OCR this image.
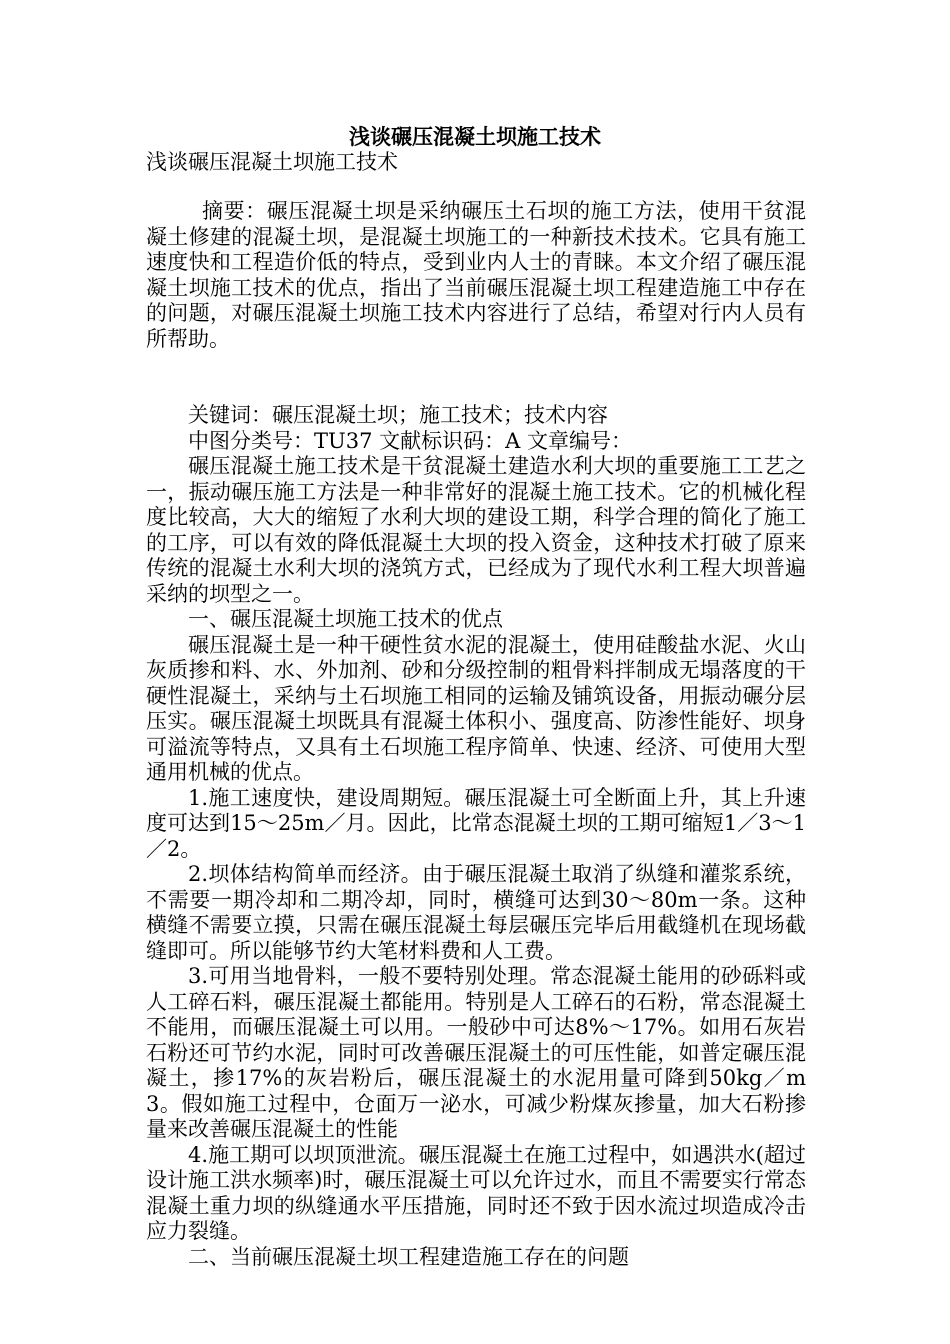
浅谈碾压混凝土坝施工技术

浅谈碾压混凝土坝施工技术

摘要：碾压混凝土坝是采纳碾压土石坝的施工方法，使用干贫混凝土修建的混凝土坝，是混凝土坝施工的一种新技术技术。它具有施工速度快和工程造价低的特点，受到业内人士的青睐。本文介绍了碾压混凝土坝施工技术的优点，指出了当前碾压混凝土坝工程建造施工中存在的问题，对碾压混凝土坝施工技术内容进行了总结，希望对行内人员有所帮助。

关键词：碾压混凝土坝；施工技术；技术内容

中图分类号：TU37 文献标识码：A 文章编号：

碾压混凝土施工技术是干贫混凝土建造水利大坝的重要施工工艺之一，振动碾压施工方法是一种非常好的混凝土施工技术。它的机械化程度比较高，大大的缩短了水利大坝的建设工期，科学合理的简化了施工的工序，可以有效的降低混凝土大坝的投入资金，这种技术打破了原来传统的混凝土水利大坝的浇筑方式，已经成为了现代水利工程大坝普遍采纳的坝型之一。

一、碾压混凝土坝施工技术的优点

碾压混凝土是一种干硬性贫水泥的混凝土，使用硅酸盐水泥、火山灰质掺和料、水、外加剂、砂和分级控制的粗骨料拌制成无塌落度的干硬性混凝土，采纳与土石坝施工相同的运输及铺筑设备，用振动碾分层压实。碾压混凝土坝既具有混凝土体积小、强度高、防渗性能好、坝身可溢流等特点，又具有土石坝施工程序简单、快速、经济、可使用大型通用机械的优点。

1.施工速度快，建设周期短。碾压混凝土可全断面上升，其上升速度可达到15～25m／月。因此，比常态混凝土坝的工期可缩短1／3～1／2。

2.坝体结构简单而经济。由于碾压混凝土取消了纵缝和灌浆系统，不需要一期冷却和二期冷却，同时，横缝可达到30～80m一条。这种横缝不需要立摸，只需在碾压混凝土每层碾压完毕后用截缝机在现场截缝即可。所以能够节约大笔材料费和人工费。

3.可用当地骨料，一般不要特别处理。常态混凝土能用的砂砾料或人工碎石料，碾压混凝土都能用。特别是人工碎石的石粉，常态混凝土不能用，而碾压混凝土可以用。一般砂中可达8%～17%。如用石灰岩石粉还可节约水泥，同时可改善碾压混凝土的可压性能，如普定碾压混凝土，掺17%的灰岩粉后，碾压混凝土的水泥用量可降到50kg／m 3。假如施工过程中，仓面万一泌水，可减少粉煤灰掺量，加大石粉掺量来改善碾压混凝土的性能

4.施工期可以坝顶泄流。碾压混凝土在施工过程中，如遇洪水(超过设计施工洪水频率)时，碾压混凝土可以允许过水，而且不需要实行常态混凝土重力坝的纵缝通水平压措施，同时还不致于因水流过坝造成冷击应力裂缝。

二、当前碾压混凝土坝工程建造施工存在的问题
